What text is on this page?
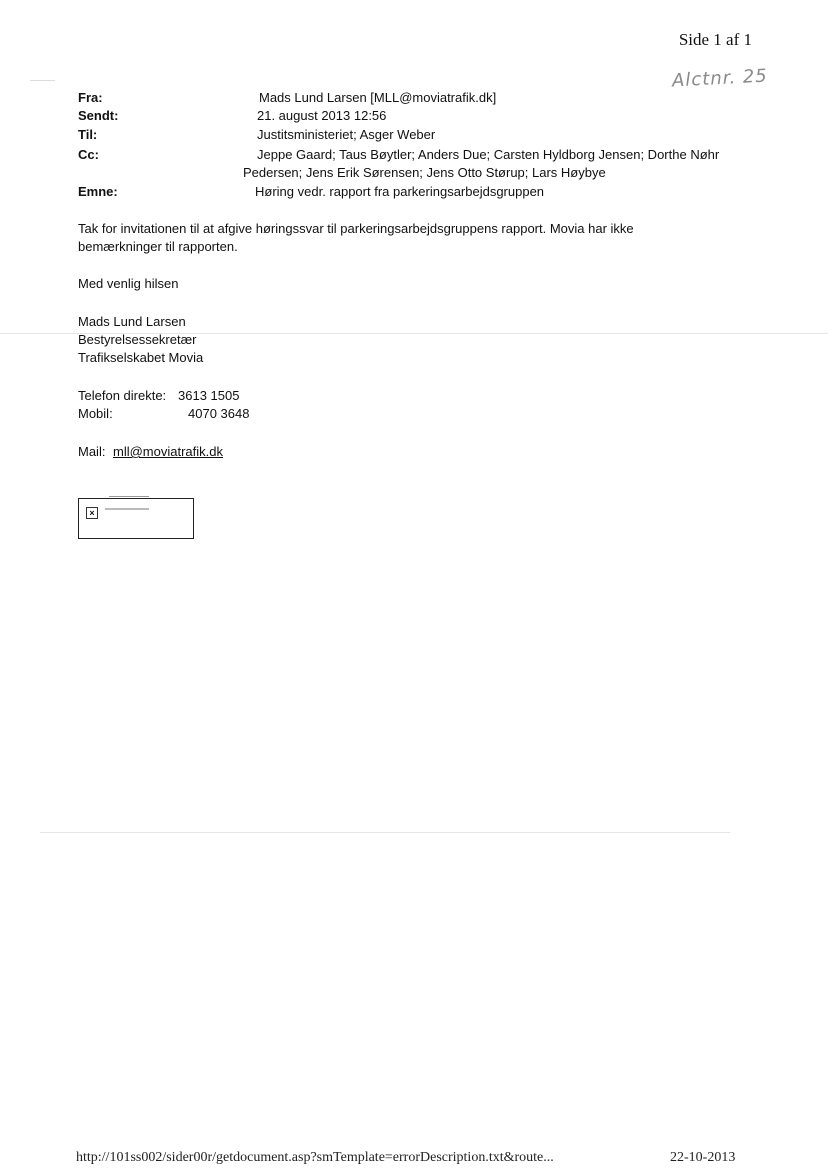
Side 1 af 1
Alctnr. 25
Fra:	Mads Lund Larsen [MLL@moviatrafik.dk]
Sendt:	21. august 2013 12:56
Til:	Justitsministeriet; Asger Weber
Cc:	Jeppe Gaard; Taus Bøytler; Anders Due; Carsten Hyldborg Jensen; Dorthe Nøhr
Pedersen; Jens Erik Sørensen; Jens Otto Størup; Lars Høybye
Emne:	Høring vedr. rapport fra parkeringsarbejdsgruppen
Tak for invitationen til at afgive høringssvar til parkeringsarbejdsgruppens rapport. Movia har ikke
bemærkninger til rapporten.
Med venlig hilsen
Mads Lund Larsen
Bestyrelsessekretær
Trafikselskabet Movia
Telefon direkte: 3613 1505
Mobil:	4070 3648
Mail: mll@moviatrafik.dk
×
http://101ss002/sider00r/getdocument.asp?smTemplate=errorDescription.txt&route...	22-10-2013
